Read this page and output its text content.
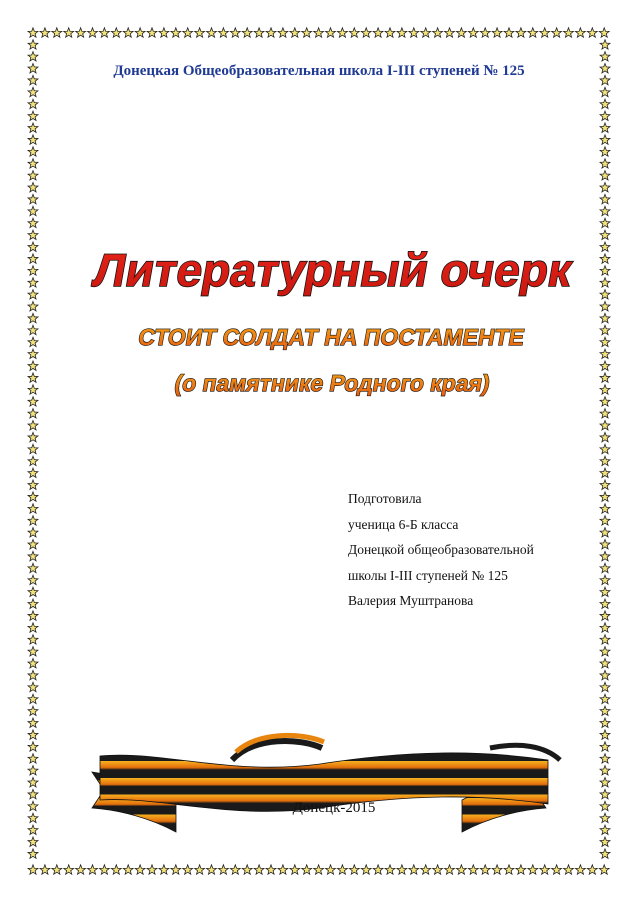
Донецкая Общеобразовательная школа I-III ступеней № 125
Литературный очерк
СТОИТ СОЛДАТ НА ПОСТАМЕНТЕ
(о памятнике Родного края)
Подготовила
ученица 6-Б класса
Донецкой общеобразовательной
школы I-III ступеней № 125
Валерия Муштранова
Донецк-2015
